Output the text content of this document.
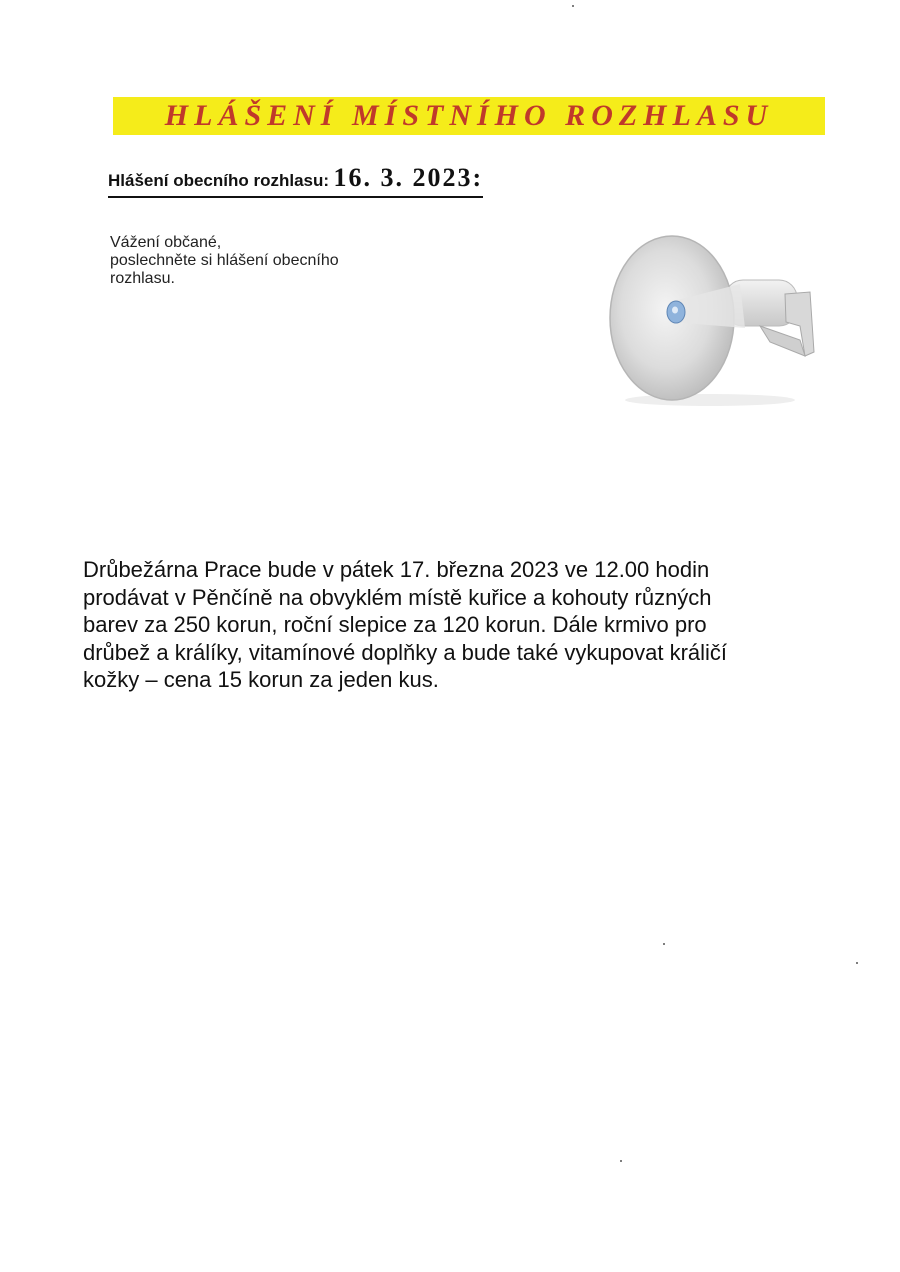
HLÁŠENÍ MÍSTNÍHO ROZHLASU
Hlášení obecního rozhlasu: 16. 3. 2023:
Vážení občané,
poslechněte si hlášení obecního
rozhlasu.
Drůbežárna Prace bude v pátek 17. března 2023 ve 12.00 hodin
prodávat v Pěnčíně na obvyklém místě kuřice a kohouty různých
barev za 250 korun, roční slepice za 120 korun. Dále krmivo pro
drůbež a králíky, vitamínové doplňky a bude také vykupovat králičí
kožky – cena 15 korun za jeden kus.
